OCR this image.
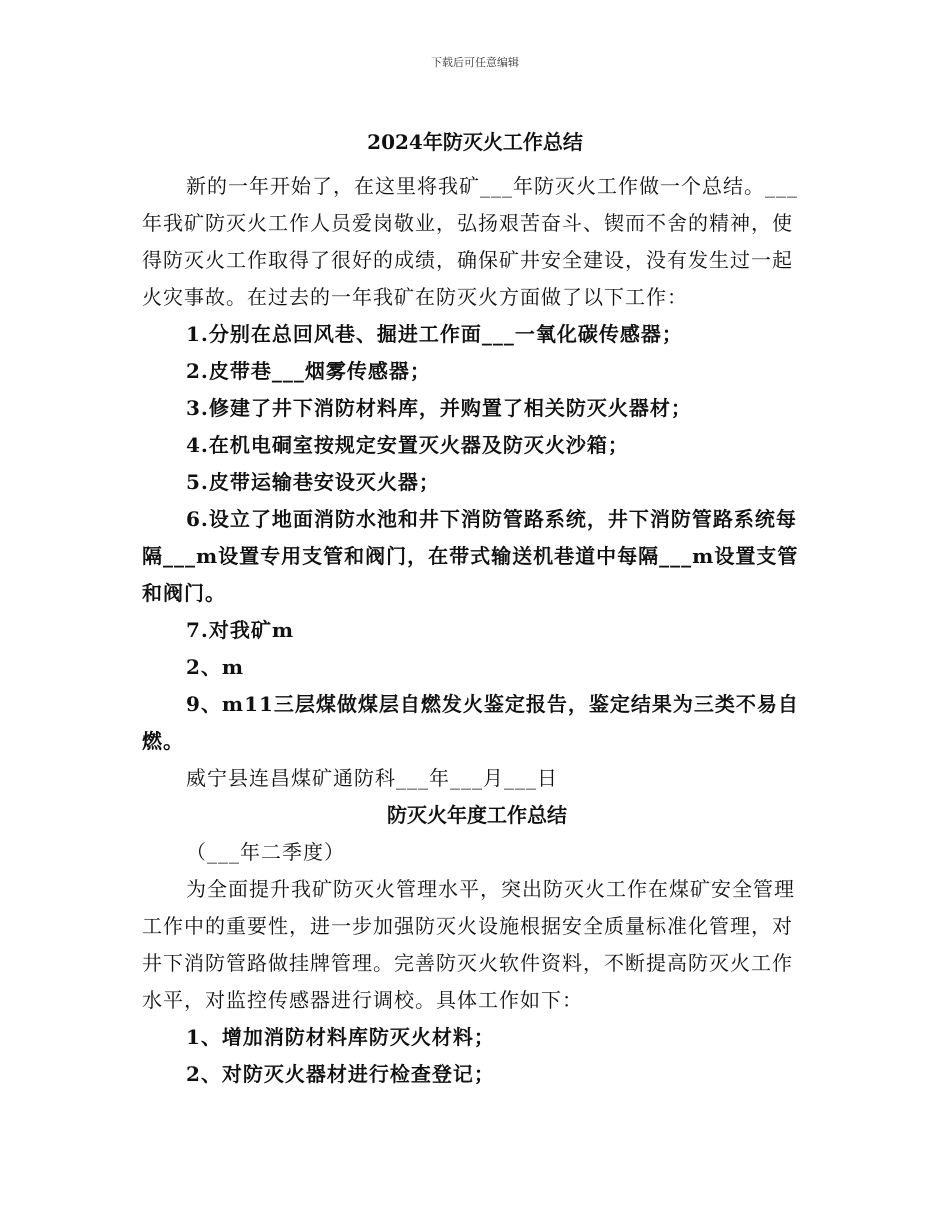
下载后可任意编辑
2024年防灭火工作总结

新的一年开始了，在这里将我矿___年防灭火工作做一个总结。___年我矿防灭火工作人员爱岗敬业，弘扬艰苦奋斗、锲而不舍的精神，使得防灭火工作取得了很好的成绩，确保矿井安全建设，没有发生过一起火灾事故。在过去的一年我矿在防灭火方面做了以下工作：

1.分别在总回风巷、掘进工作面___一氧化碳传感器；

2.皮带巷___烟雾传感器；

3.修建了井下消防材料库，并购置了相关防灭火器材；

4.在机电硐室按规定安置灭火器及防灭火沙箱；

5.皮带运输巷安设灭火器；

6.设立了地面消防水池和井下消防管路系统，井下消防管路系统每隔___m设置专用支管和阀门，在带式输送机巷道中每隔___m设置支管和阀门。

7.对我矿m

2、m

9、m11三层煤做煤层自燃发火鉴定报告，鉴定结果为三类不易自燃。

威宁县连昌煤矿通防科___年___月___日

防灭火年度工作总结

（___年二季度）

为全面提升我矿防灭火管理水平，突出防灭火工作在煤矿安全管理工作中的重要性，进一步加强防灭火设施根据安全质量标准化管理，对井下消防管路做挂牌管理。完善防灭火软件资料，不断提高防灭火工作水平，对监控传感器进行调校。具体工作如下：

1、增加消防材料库防灭火材料；

2、对防灭火器材进行检查登记；
